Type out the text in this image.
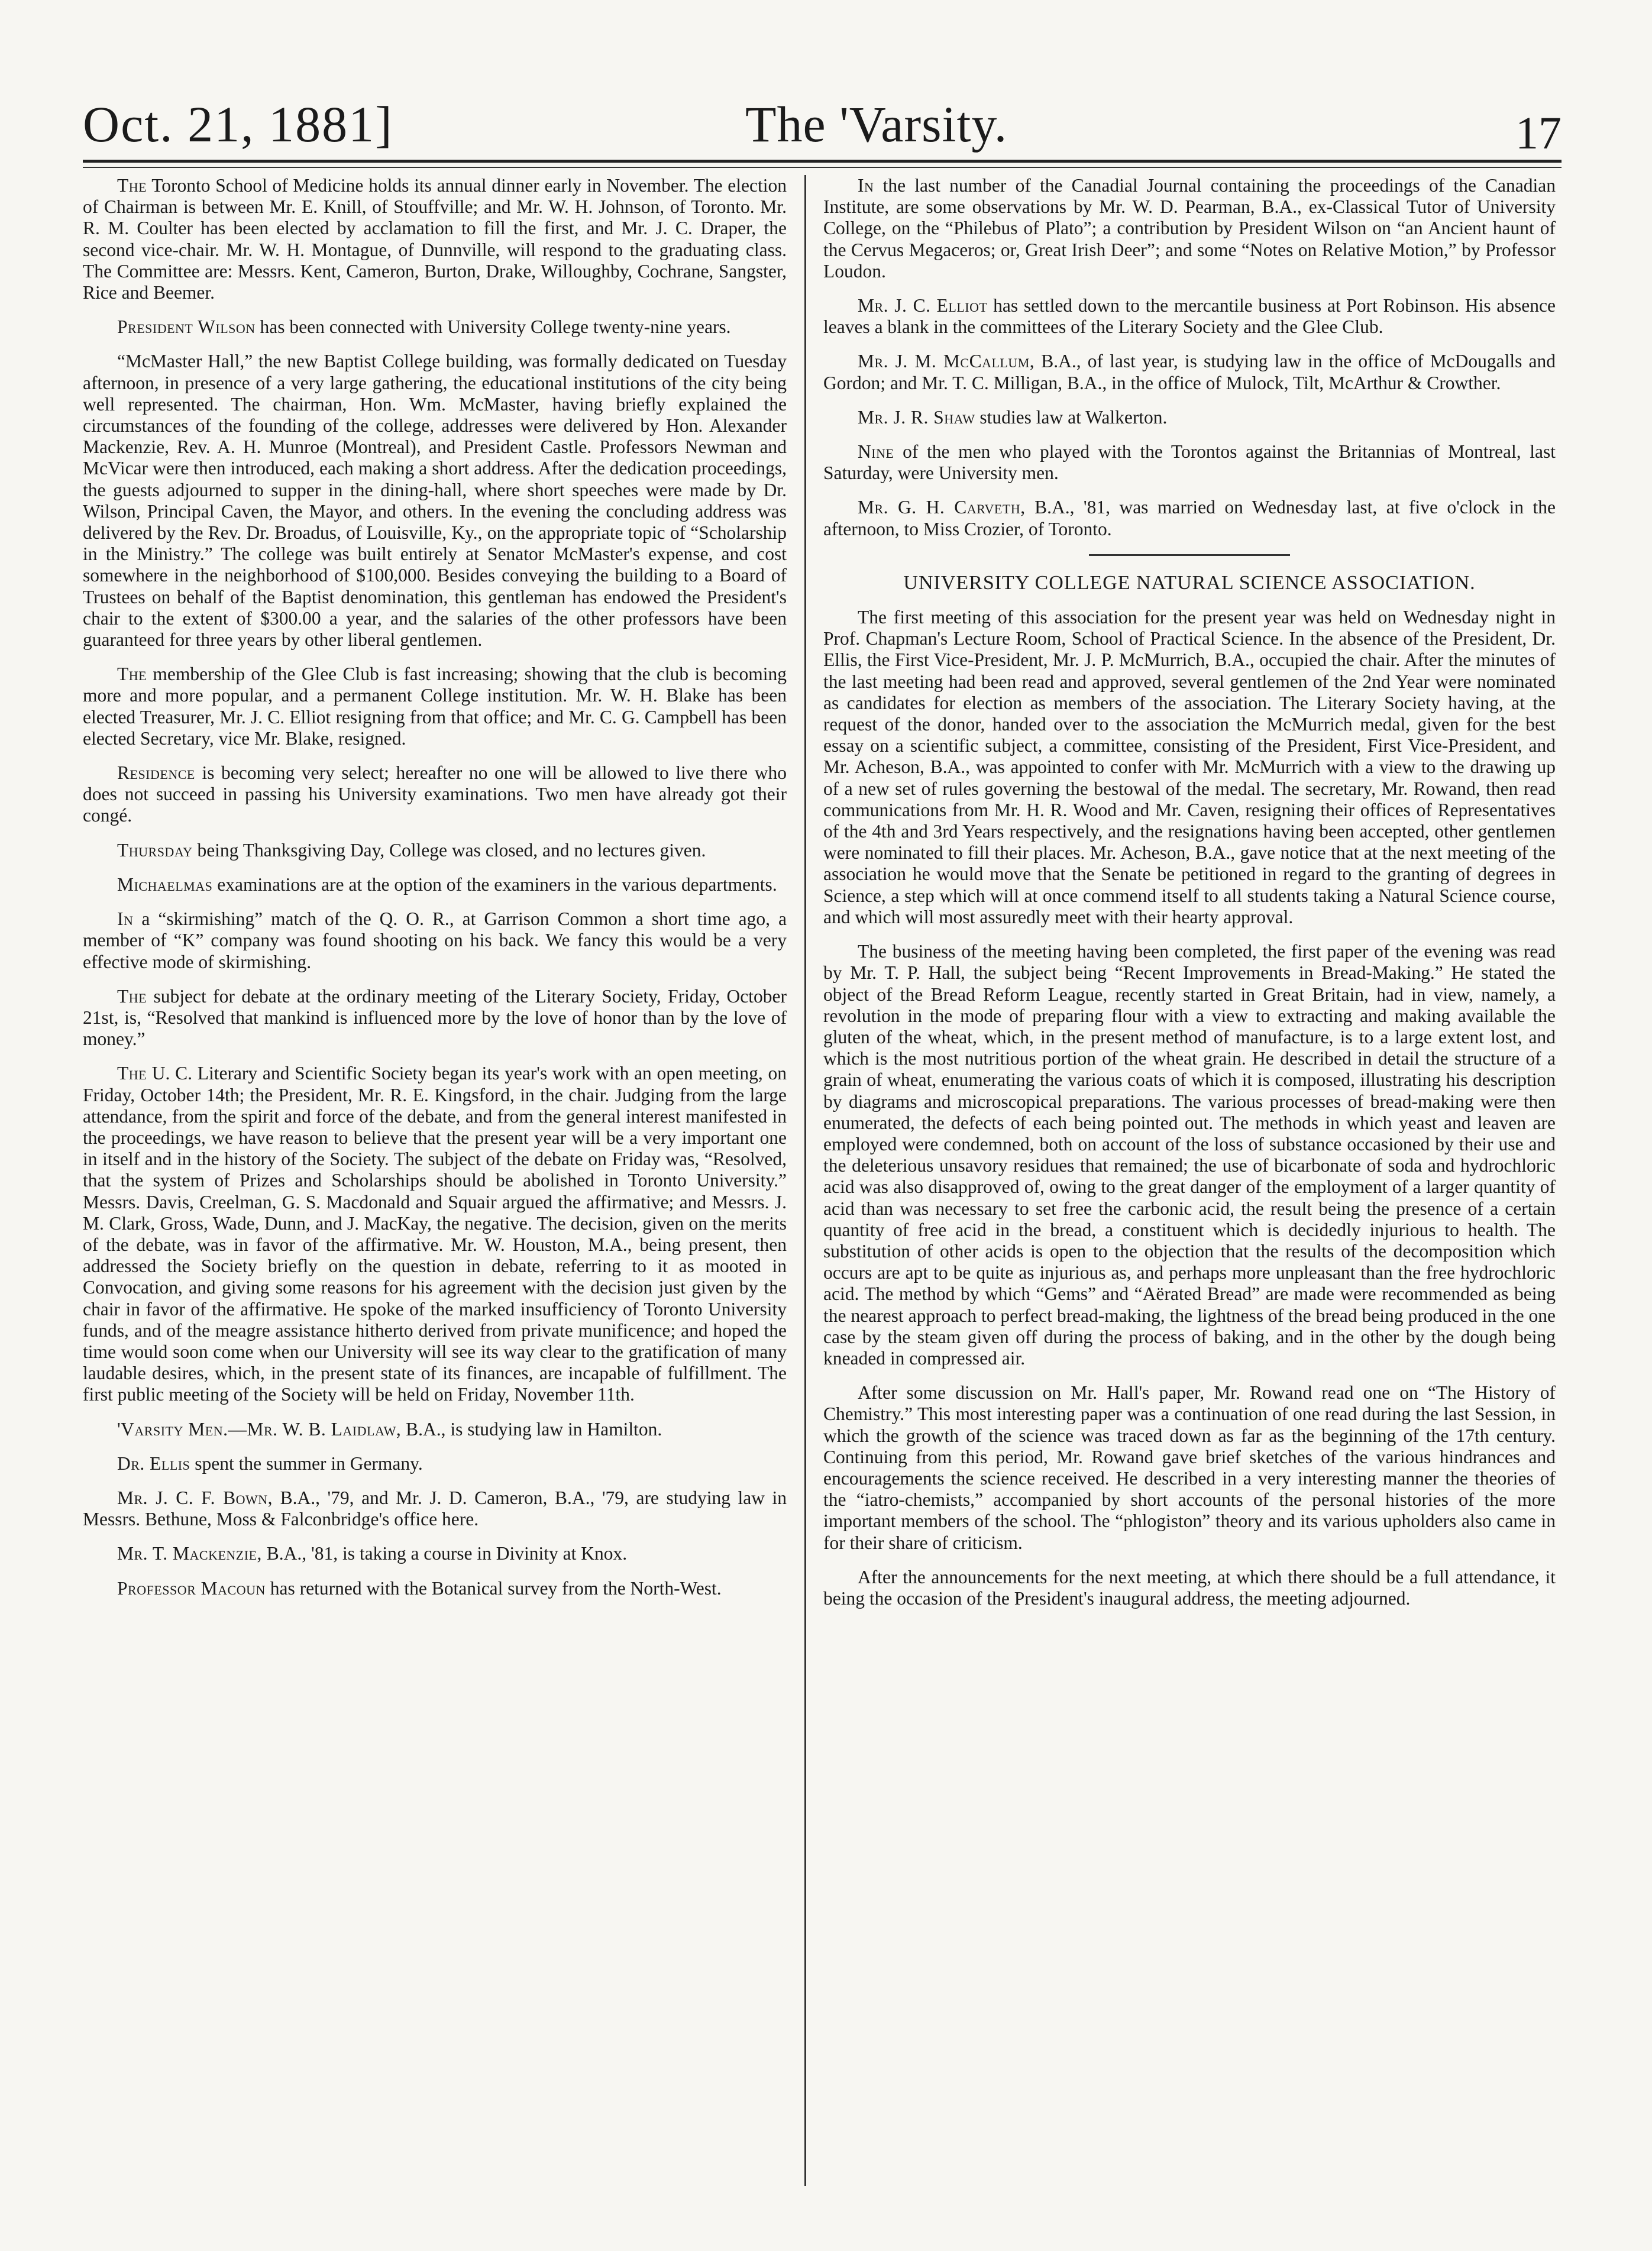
Oct. 21, 1881]	The 'Varsity.	17

The Toronto School of Medicine holds its annual dinner early in November. The election of Chairman is between Mr. E. Knill, of Stouffville; and Mr. W. H. Johnson, of Toronto. Mr. R. M. Coulter has been elected by acclamation to fill the first, and Mr. J. C. Draper, the second vice-chair. Mr. W. H. Montague, of Dunnville, will respond to the graduating class. The Committee are: Messrs. Kent, Cameron, Burton, Drake, Willoughby, Cochrane, Sangster, Rice and Beemer.

President Wilson has been connected with University College twenty-nine years.

“McMaster Hall,” the new Baptist College building, was formally dedicated on Tuesday afternoon, in presence of a very large gathering, the educational institutions of the city being well represented. The chairman, Hon. Wm. McMaster, having briefly explained the circumstances of the founding of the college, addresses were delivered by Hon. Alexander Mackenzie, Rev. A. H. Munroe (Montreal), and President Castle. Professors Newman and McVicar were then introduced, each making a short address. After the dedication proceedings, the guests adjourned to supper in the dining-hall, where short speeches were made by Dr. Wilson, Principal Caven, the Mayor, and others. In the evening the concluding address was delivered by the Rev. Dr. Broadus, of Louisville, Ky., on the appropriate topic of “Scholarship in the Ministry.” The college was built entirely at Senator McMaster's expense, and cost somewhere in the neighborhood of $100,000. Besides conveying the building to a Board of Trustees on behalf of the Baptist denomination, this gentleman has endowed the President's chair to the extent of $300.00 a year, and the salaries of the other professors have been guaranteed for three years by other liberal gentlemen.

The membership of the Glee Club is fast increasing; showing that the club is becoming more and more popular, and a permanent College institution. Mr. W. H. Blake has been elected Treasurer, Mr. J. C. Elliot resigning from that office; and Mr. C. G. Campbell has been elected Secretary, vice Mr. Blake, resigned.

Residence is becoming very select; hereafter no one will be allowed to live there who does not succeed in passing his University examinations. Two men have already got their congé.

Thursday being Thanksgiving Day, College was closed, and no lectures given.

Michaelmas examinations are at the option of the examiners in the various departments.

In a “skirmishing” match of the Q. O. R., at Garrison Common a short time ago, a member of “K” company was found shooting on his back. We fancy this would be a very effective mode of skirmishing.

The subject for debate at the ordinary meeting of the Literary Society, Friday, October 21st, is, “Resolved that mankind is influenced more by the love of honor than by the love of money.”

The U. C. Literary and Scientific Society began its year's work with an open meeting, on Friday, October 14th; the President, Mr. R. E. Kingsford, in the chair. Judging from the large attendance, from the spirit and force of the debate, and from the general interest manifested in the proceedings, we have reason to believe that the present year will be a very important one in itself and in the history of the Society. The subject of the debate on Friday was, “Resolved, that the system of Prizes and Scholarships should be abolished in Toronto University.” Messrs. Davis, Creelman, G. S. Macdonald and Squair argued the affirmative; and Messrs. J. M. Clark, Gross, Wade, Dunn, and J. MacKay, the negative. The decision, given on the merits of the debate, was in favor of the affirmative. Mr. W. Houston, M.A., being present, then addressed the Society briefly on the question in debate, referring to it as mooted in Convocation, and giving some reasons for his agreement with the decision just given by the chair in favor of the affirmative. He spoke of the marked insufficiency of Toronto University funds, and of the meagre assistance hitherto derived from private munificence; and hoped the time would soon come when our University will see its way clear to the gratification of many laudable desires, which, in the present state of its finances, are incapable of fulfillment. The first public meeting of the Society will be held on Friday, November 11th.

'Varsity Men.—Mr. W. B. Laidlaw, B.A., is studying law in Hamilton.

Dr. Ellis spent the summer in Germany.

Mr. J. C. F. Bown, B.A., '79, and Mr. J. D. Cameron, B.A., '79, are studying law in Messrs. Bethune, Moss & Falconbridge's office here.

Mr. T. Mackenzie, B.A., '81, is taking a course in Divinity at Knox.

Professor Macoun has returned with the Botanical survey from the North-West.

In the last number of the Canadial Journal containing the proceedings of the Canadian Institute, are some observations by Mr. W. D. Pearman, B.A., ex-Classical Tutor of University College, on the “Philebus of Plato”; a contribution by President Wilson on “an Ancient haunt of the Cervus Megaceros; or, Great Irish Deer”; and some “Notes on Relative Motion,” by Professor Loudon.

Mr. J. C. Elliot has settled down to the mercantile business at Port Robinson. His absence leaves a blank in the committees of the Literary Society and the Glee Club.

Mr. J. M. McCallum, B.A., of last year, is studying law in the office of McDougalls and Gordon; and Mr. T. C. Milligan, B.A., in the office of Mulock, Tilt, McArthur & Crowther.

Mr. J. R. Shaw studies law at Walkerton.

Nine of the men who played with the Torontos against the Britannias of Montreal, last Saturday, were University men.

Mr. G. H. Carveth, B.A., '81, was married on Wednesday last, at five o'clock in the afternoon, to Miss Crozier, of Toronto.

UNIVERSITY COLLEGE NATURAL SCIENCE ASSOCIATION.

The first meeting of this association for the present year was held on Wednesday night in Prof. Chapman's Lecture Room, School of Practical Science. In the absence of the President, Dr. Ellis, the First Vice-President, Mr. J. P. McMurrich, B.A., occupied the chair. After the minutes of the last meeting had been read and approved, several gentlemen of the 2nd Year were nominated as candidates for election as members of the association. The Literary Society having, at the request of the donor, handed over to the association the McMurrich medal, given for the best essay on a scientific subject, a committee, consisting of the President, First Vice-President, and Mr. Acheson, B.A., was appointed to confer with Mr. McMurrich with a view to the drawing up of a new set of rules governing the bestowal of the medal. The secretary, Mr. Rowand, then read communications from Mr. H. R. Wood and Mr. Caven, resigning their offices of Representatives of the 4th and 3rd Years respectively, and the resignations having been accepted, other gentlemen were nominated to fill their places. Mr. Acheson, B.A., gave notice that at the next meeting of the association he would move that the Senate be petitioned in regard to the granting of degrees in Science, a step which will at once commend itself to all students taking a Natural Science course, and which will most assuredly meet with their hearty approval.

The business of the meeting having been completed, the first paper of the evening was read by Mr. T. P. Hall, the subject being “Recent Improvements in Bread-Making.” He stated the object of the Bread Reform League, recently started in Great Britain, had in view, namely, a revolution in the mode of preparing flour with a view to extracting and making available the gluten of the wheat, which, in the present method of manufacture, is to a large extent lost, and which is the most nutritious portion of the wheat grain. He described in detail the structure of a grain of wheat, enumerating the various coats of which it is composed, illustrating his description by diagrams and microscopical preparations. The various processes of bread-making were then enumerated, the defects of each being pointed out. The methods in which yeast and leaven are employed were condemned, both on account of the loss of substance occasioned by their use and the deleterious unsavory residues that remained; the use of bicarbonate of soda and hydrochloric acid was also disapproved of, owing to the great danger of the employment of a larger quantity of acid than was necessary to set free the carbonic acid, the result being the presence of a certain quantity of free acid in the bread, a constituent which is decidedly injurious to health. The substitution of other acids is open to the objection that the results of the decomposition which occurs are apt to be quite as injurious as, and perhaps more unpleasant than the free hydrochloric acid. The method by which “Gems” and “Aërated Bread” are made were recommended as being the nearest approach to perfect bread-making, the lightness of the bread being produced in the one case by the steam given off during the process of baking, and in the other by the dough being kneaded in compressed air.

After some discussion on Mr. Hall's paper, Mr. Rowand read one on “The History of Chemistry.” This most interesting paper was a continuation of one read during the last Session, in which the growth of the science was traced down as far as the beginning of the 17th century. Continuing from this period, Mr. Rowand gave brief sketches of the various hindrances and encouragements the science received. He described in a very interesting manner the theories of the “iatro-chemists,” accompanied by short accounts of the personal histories of the more important members of the school. The “phlogiston” theory and its various upholders also came in for their share of criticism.

After the announcements for the next meeting, at which there should be a full attendance, it being the occasion of the President's inaugural address, the meeting adjourned.
